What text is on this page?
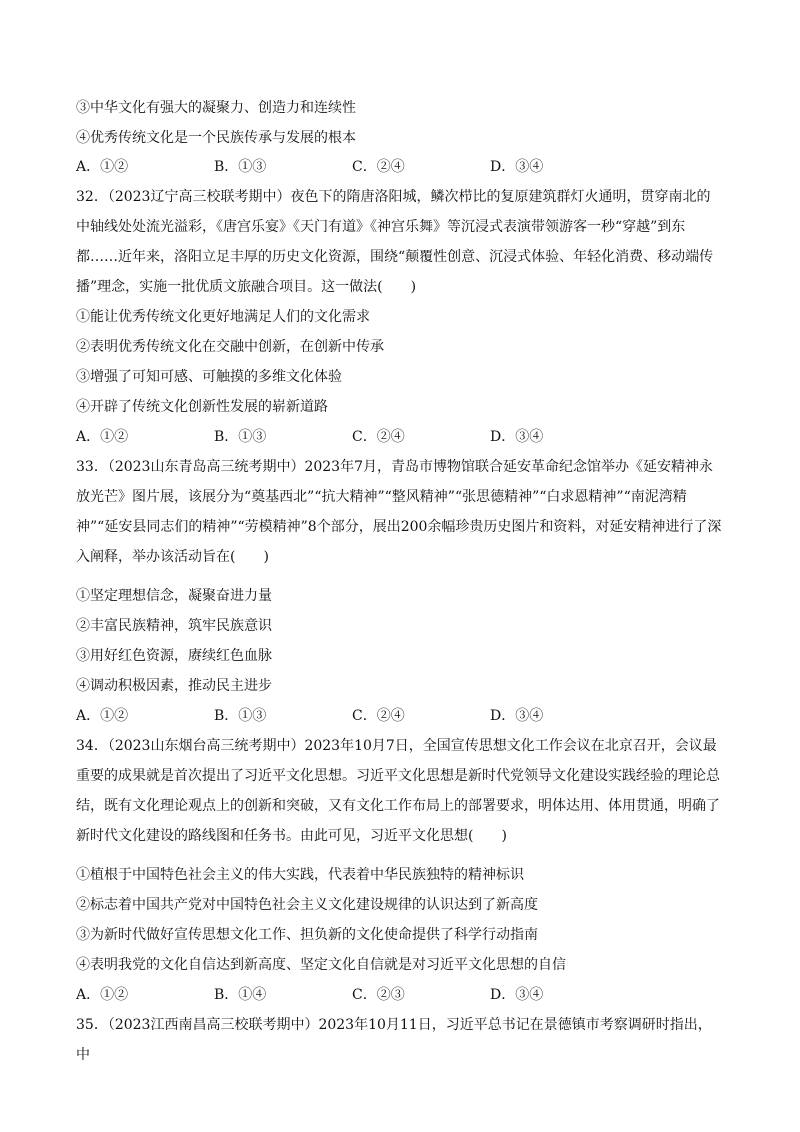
③中华文化有强大的凝聚力、创造力和连续性
④优秀传统文化是一个民族传承与发展的根本
A．①②	B．①③	C．②④	D．③④
32．（2023辽宁高三校联考期中）夜色下的隋唐洛阳城，鳞次栉比的复原建筑群灯火通明，贯穿南北的中轴线处处流光溢彩，《唐宫乐宴》《天门有道》《神宫乐舞》等沉浸式表演带领游客一秒“穿越”到东都……近年来，洛阳立足丰厚的历史文化资源，围绕“颠覆性创意、沉浸式体验、年轻化消费、移动端传播”理念，实施一批优质文旅融合项目。这一做法(　　)
①能让优秀传统文化更好地满足人们的文化需求
②表明优秀传统文化在交融中创新，在创新中传承
③增强了可知可感、可触摸的多维文化体验
④开辟了传统文化创新性发展的崭新道路
A．①②	B．①③	C．②④	D．③④
33．（2023山东青岛高三统考期中）2023年7月，青岛市博物馆联合延安革命纪念馆举办《延安精神永放光芒》图片展，该展分为“奠基西北”“抗大精神”“整风精神”“张思德精神”“白求恩精神”“南泥湾精神”“延安县同志们的精神”“劳模精神”8个部分，展出200余幅珍贵历史图片和资料，对延安精神进行了深入阐释，举办该活动旨在(　　)
①坚定理想信念，凝聚奋进力量
②丰富民族精神，筑牢民族意识
③用好红色资源，赓续红色血脉
④调动积极因素，推动民主进步
A．①②	B．①③	C．②④	D．③④
34．（2023山东烟台高三统考期中）2023年10月7日，全国宣传思想文化工作会议在北京召开，会议最重要的成果就是首次提出了习近平文化思想。习近平文化思想是新时代党领导文化建设实践经验的理论总结，既有文化理论观点上的创新和突破，又有文化工作布局上的部署要求，明体达用、体用贯通，明确了新时代文化建设的路线图和任务书。由此可见，习近平文化思想(　　)
①植根于中国特色社会主义的伟大实践，代表着中华民族独特的精神标识
②标志着中国共产党对中国特色社会主义文化建设规律的认识达到了新高度
③为新时代做好宣传思想文化工作、担负新的文化使命提供了科学行动指南
④表明我党的文化自信达到新高度、坚定文化自信就是对习近平文化思想的自信
A．①②	B．①④	C．②③	D．③④
35．（2023江西南昌高三校联考期中）2023年10月11日，习近平总书记在景德镇市考察调研时指出，中
